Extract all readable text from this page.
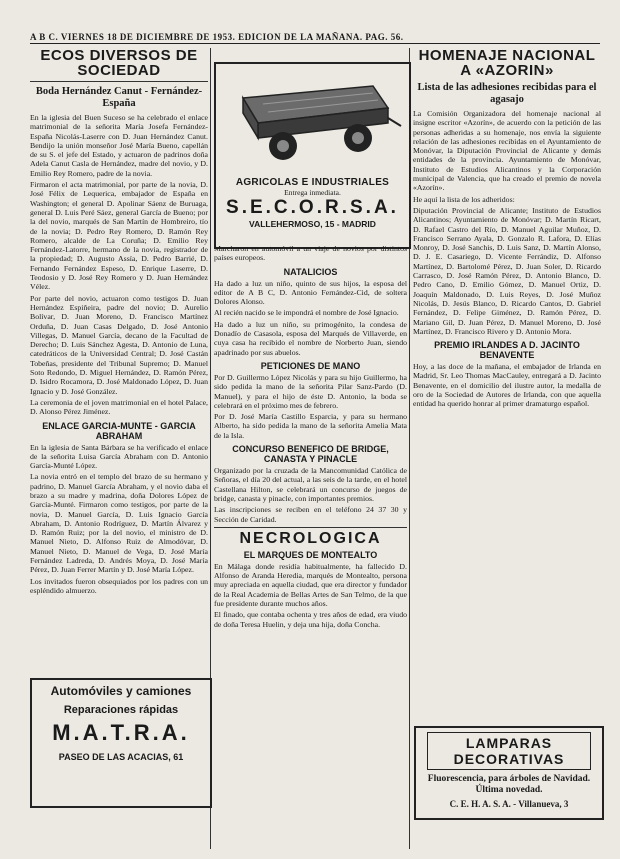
A B C. VIERNES 18 DE DICIEMBRE DE 1953. EDICION DE LA MAÑANA. PAG. 56.
ECOS DIVERSOS DE SOCIEDAD
Boda Hernández Canut - Fernández-España

En la iglesia del Buen Suceso se ha celebrado el enlace matrimonial de la señorita María Josefa Fernández-España Nicolás-Laserre con D. Juan Hernández Canut. Bendijo la unión monseñor José María Bueno, capellán de su S. el jefe del Estado, y actuaron de padrinos doña Adela Canut Casla de Hernández, madre del novio, y D. Emilio Rey Romero, padre de la novia.

Firmaron el acta matrimonial, por parte de la novia, D. José Félix de Lequerica, embajador de España en Washington; el general D. Apolinar Sáenz de Buruaga, general D. Luis Peré Sáez, general García de Bueno; por la del novio, marqués de San Martín de Hombreiro, tío de la novia; D. Pedro Rey Romero, D. Ramón Rey Romero, alcalde de La Coruña; D. Emilio Rey Fernández-Latorre, hermano de la novia, registrador de la propiedad; D. Augusto Assía, D. Pedro Barrié, D. Fernando Fernández Espeso, D. Enrique Laserre, D. Teodosio y D. José Rey Romero y D. Juan Hernández Vélez.

Por parte del novio, actuaron como testigos D. Juan Hernández Espiñeira, padre del novio; D. Aurelio Bolívar, D. Juan Moreno, D. Francisco Martínez Orduña, D. Juan Casas Delgado, D. José Antonio Villegas, D. Manuel García, decano de la Facultad de Derecho; D. Luis Sánchez Agesta, D. Antonio de Luna, catedráticos de la Universidad Central; D. José Castán Tobeñas, presidente del Tribunal Supremo; D. Manuel Soto Redondo, D. Miguel Hernández, D. Ramón Pérez, D. Isidro Rocamora, D. José Maldonado López, D. Juan Ignacio y D. José González.

La ceremonia de el joven matrimonial en el hotel Palace, D. Alonso Pérez Jiménez.

ENLACE GARCIA-MUNTE - GARCIA ABRAHAM

En la iglesia de Santa Bárbara se ha verificado el enlace de la señorita Luisa García Abraham con D. Antonio García-Munté López.

La novia entró en el templo del brazo de su hermano y padrino, D. Manuel García Abraham, y el novio daba el brazo a su madre y madrina, doña Dolores López de García-Munté. Firmaron como testigos, por parte de la novia, D. Manuel García, D. Luis Ignacio García Abraham, D. Antonio Rodríguez, D. Martín Álvarez y D. Ramón Ruiz; por la del novio, el ministro de D. Manuel Nieto, D. Alfonso Ruiz de Almodóvar, D. Manuel Nieto, D. Manuel de Vega, D. José María Fernández Ladreda, D. Andrés Moya, D. José María Pérez, D. Juan Ferrer Martín y D. José María López.

Los invitados fueron obsequiados por los padres con un espléndido almuerzo.

Automóviles y camiones
Reparaciones rápidas
M.A.T.R.A.
PASEO DE LAS ACACIAS, 61
AGRICOLAS E INDUSTRIALES
Entrega inmediata.
S.E.C.O.R.S.A.
VALLEHERMOSO, 15 - MADRID

Marcharon en automóvil a un viaje de novios por distintos países europeos.

NATALICIOS

Ha dado a luz un niño, quinto de sus hijos, la esposa del editor de A B C, D. Antonio Fernández-Cid, de soltera Dolores Alonso.

Al recién nacido se le impondrá el nombre de José Ignacio.

Ha dado a luz un niño, su primogénito, la condesa de Donadío de Casasola, esposa del Marqués de Villaverde, en cuya casa ha recibido el nombre de Norberto Juan, siendo apadrinado por sus abuelos.

PETICIONES DE MANO

Por D. Guillermo López Nicolás y para su hijo Guillermo, ha sido pedida la mano de la señorita Pilar Sanz-Pardo (D. Manuel), y para el hijo de éste D. Antonio, la boda se celebrará en el próximo mes de febrero.

Por D. José María Castillo Esparcia, y para su hermano Alberto, ha sido pedida la mano de la señorita Amelia Mata de la Isla.

CONCURSO BENEFICO DE BRIDGE, CANASTA Y PINACLE

Organizado por la cruzada de la Mancomunidad Católica de Señoras, el día 20 del actual, a las seis de la tarde, en el hotel Castellana Hilton, se celebrará un concurso de juegos de bridge, canasta y pinacle, con importantes premios.

Las inscripciones se reciben en el teléfono 24 37 30 y Sección de Caridad.

NECROLOGICA
EL MARQUES DE MONTEALTO

En Málaga donde residía habitualmente, ha fallecido D. Alfonso de Aranda Heredia, marqués de Montealto, persona muy apreciada en aquella ciudad, que era director y fundador de la Real Academia de Bellas Artes de San Telmo, de la que fue presidente durante muchos años.

El finado, que contaba ochenta y tres años de edad, era viudo de doña Teresa Huelin, y deja una hija, doña Concha.

HOMENAJE NACIONAL A «AZORIN»
Lista de las adhesiones recibidas para el agasajo

La Comisión Organizadora del homenaje nacional al insigne escritor «Azorín», de acuerdo con la petición de las personas adheridas a su homenaje, nos envía la siguiente relación de las adhesiones recibidas en el Ayuntamiento de Monóvar, la Diputación Provincial de Alicante y demás entidades de la provincia. Ayuntamiento de Monóvar, Instituto de Estudios Alicantinos y la Corporación municipal de Valencia, que ha creado el premio de novela «Azorín».

He aquí la lista de los adheridos:

Diputación Provincial de Alicante; Instituto de Estudios Alicantinos; Ayuntamiento de Monóvar; D. Martín Ricart, D. Rafael Castro del Río, D. Manuel Aguilar Muñoz, D. Francisco Serrano Ayala, D. Gonzalo R. Lafora, D. Elías Monroy, D. José Sanchis, D. Luis Sanz, D. Martín Alonso, D. J. E. Casariego, D. Vicente Ferrándiz, D. Alfonso Martínez, D. Bartolomé Pérez, D. Juan Soler, D. Ricardo Carrasco, D. José Ramón Pérez, D. Antonio Blanco, D. Pedro Cano, D. Emilio Gómez, D. Manuel Ortiz, D. Joaquín Maldonado, D. Luis Reyes, D. José Muñoz Nicolás, D. Jesús Blanco, D. Ricardo Cantos, D. Gabriel Fernández, D. Felipe Giménez, D. Ramón Pérez, D. Mariano Gil, D. Juan Pérez, D. Manuel Moreno, D. José Martínez, D. Francisco Rivero y D. Antonio Mora.

PREMIO IRLANDES A D. JACINTO BENAVENTE

Hoy, a las doce de la mañana, el embajador de Irlanda en Madrid, Sr. Leo Thomas MacCauley, entregará a D. Jacinto Benavente, en el domicilio del ilustre autor, la medalla de oro de la Sociedad de Autores de Irlanda, con que aquella entidad ha querido honrar al primer dramaturgo español.

LAMPARAS DECORATIVAS
Fluorescencia, para árboles de Navidad. Última novedad.
C. E. H. A. S. A. - Villanueva, 3
